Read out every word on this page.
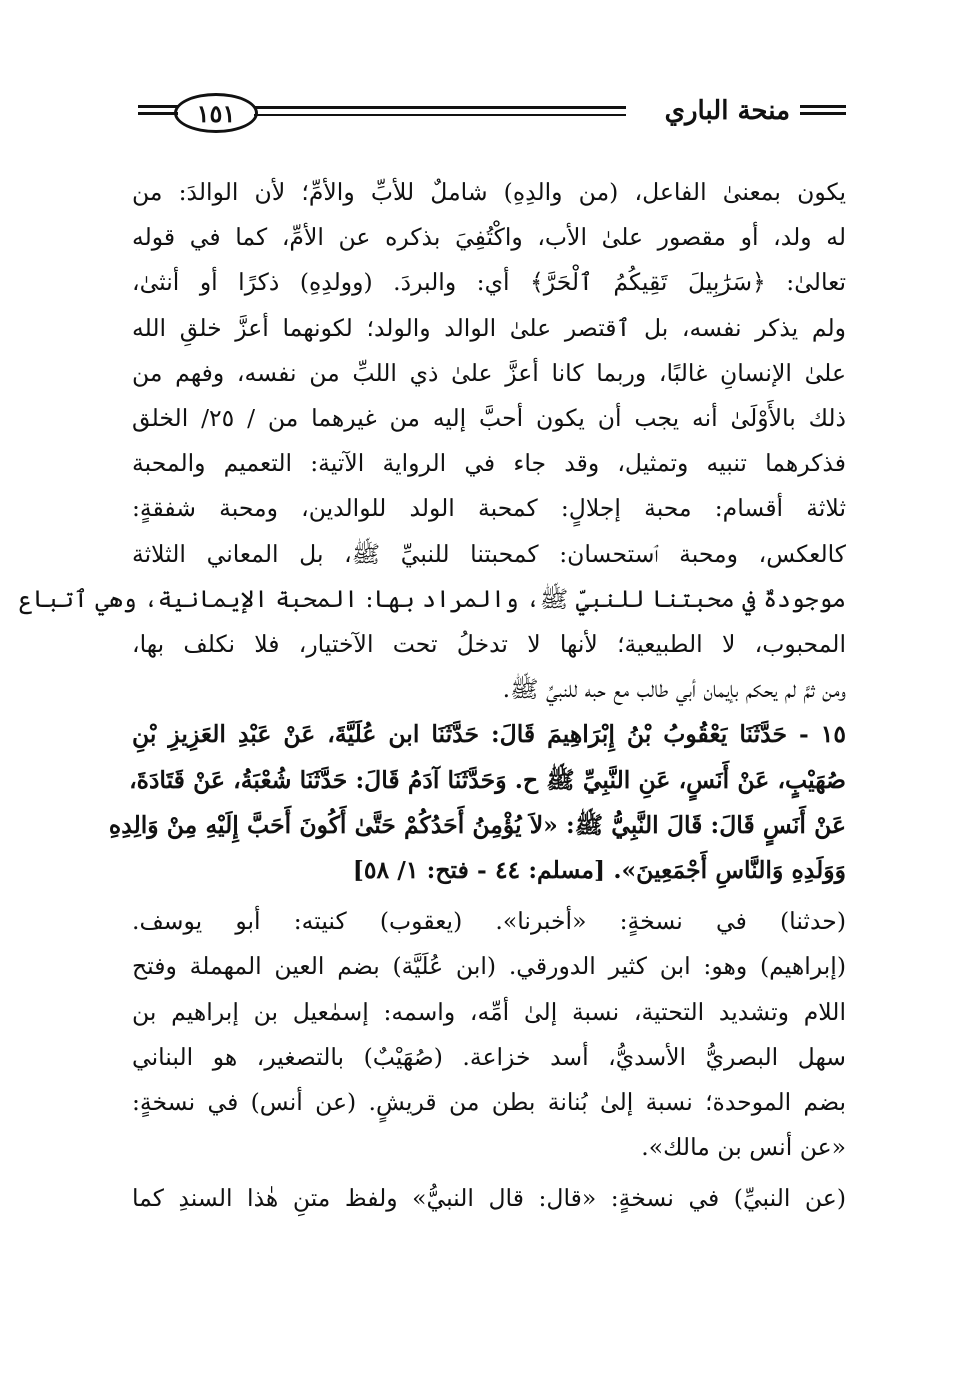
١٥١	منحة الباري
يكون بمعنىٰ الفاعل، (من والدِهِ) شاملٌ للأبِّ والأمِّ؛ لأن الوالدَ: من
له ولد، أو مقصور علىٰ الأب، واكْتُفِيَ بذكره عن الأمِّ، كما في قوله
تعالىٰ: ﴿سَرَٰبِيلَ تَقِيكُمُ ٱلْحَرَّ﴾ أي: والبردَ. (وولدِهِ) ذكرًا أو أنثىٰ،
ولم يذكر نفسه، بل ٱقتصر علىٰ الوالد والولد؛ لكونهما أعزَّ خلقِ الله
علىٰ الإنسانِ غالبًا، وربما كانا أعزَّ علىٰ ذي اللبِّ من نفسه، وفهم من
ذلك بالأَوْلَىٰ أنه يجب أن يكون أحبَّ إليه من غيرهما من / ٢٥/ الخلق
فذكرهما تنبيه وتمثيل، وقد جاء في الرواية الآتية: التعميم والمحبة
ثلاثة أقسام: محبة إجلالٍ: كمحبة الولد للوالدين، ومحبة شفقةٍ:
كالعكس، ومحبة ٱستحسان: كمحبتنا للنبيِّ ﷺ، بل المعاني الثلاثة
موجودةٌ في محبتنا للنبيِّ ﷺ، والمراد بها: المحبة الإيمانية، وهي ٱتباع
المحبوب، لا الطبيعية؛ لأنها لا تدخلُ تحت الآختيار، فلا نكلف بها،
ومن ثمَّ لم يحكم بإيمان أبي طالب مع حبه للنبيِّ ﷺ.
١٥ - حَدَّثَنَا يَعْقُوبُ بْنُ إِبْرَاهِيمَ قَالَ: حَدَّثَنَا ابن عُلَيَّةَ، عَنْ عَبْدِ العَزِيزِ بْنِ
صُهَيْبٍ، عَنْ أَنَسٍ، عَنِ النَّبِيِّ ﷺ ح. وَحَدَّثَنَا آدَمُ قَالَ: حَدَّثَنَا شُعْبَةُ، عَنْ قَتَادَةَ،
عَنْ أَنَسٍ قَالَ: قَالَ النَّبِيُّ ﷺ: «لاَ يُؤْمِنُ أَحَدُكُمْ حَتَّىٰ أَكُونَ أَحَبَّ إِلَيْهِ مِنْ وَالِدِهِ
وَوَلَدِهِ وَالنَّاسِ أَجْمَعِينَ». [مسلم: ٤٤ - فتح: ١/ ٥٨]
(حدثنا) في نسخةٍ: «أخبرنا». (يعقوب) كنيته: أبو يوسف.
(إبراهيم) وهو: ابن كثير الدورقي. (ابن عُلَيَّة) بضم العين المهملة وفتح
اللام وتشديد التحتية، نسبة إلىٰ أمِّه، واسمه: إسمٰعيل بن إبراهيم بن
سهل البصريُّ الأسديُّ، أسد خزاعة. (صُهَيْبٌ) بالتصغير، هو البناني
بضم الموحدة؛ نسبة إلىٰ بُنانة بطن من قريشٍ. (عن أنس) في نسخةٍ:
«عن أنس بن مالك».
(عن النبيِّ) في نسخةٍ: «قال: قال النبيُّ» ولفظ متنِ هٰذا السندِ كما
